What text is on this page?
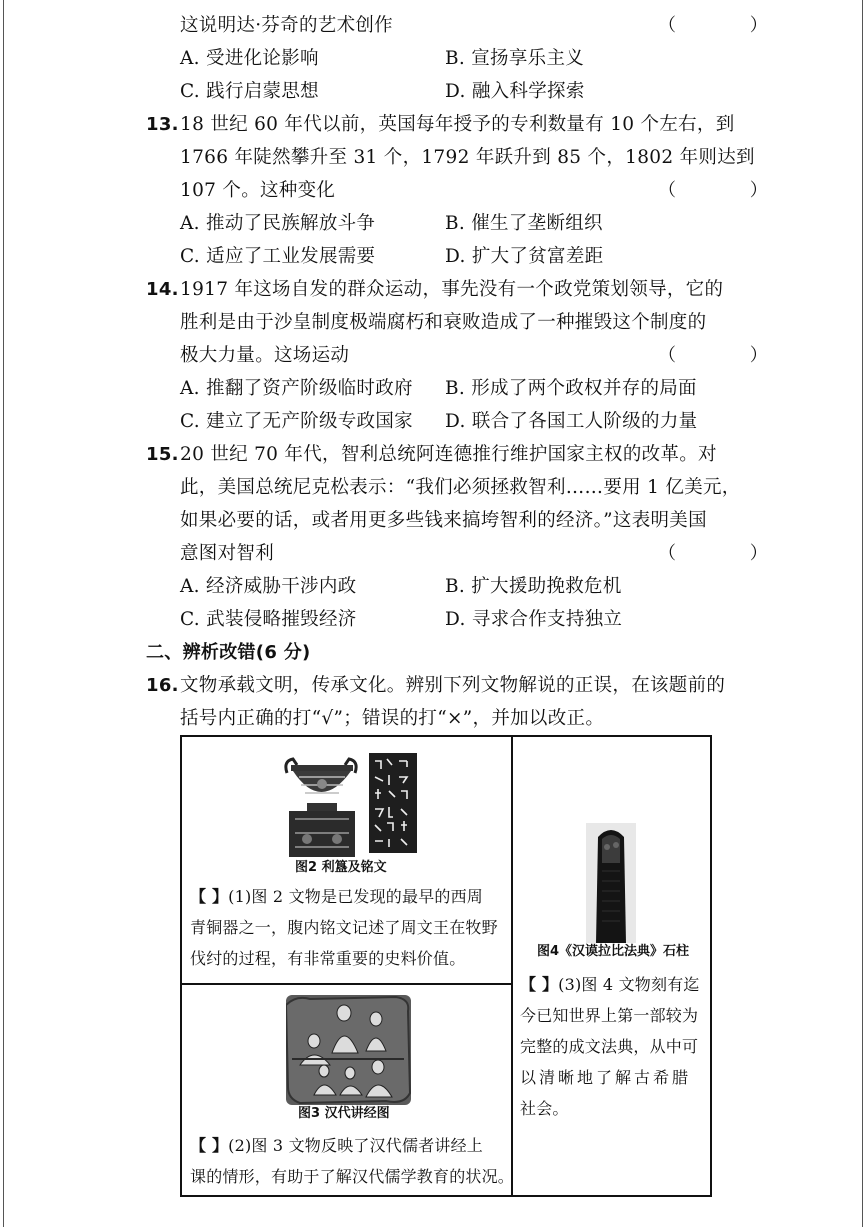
这说明达·芬奇的艺术创作	（ ）
A. 受进化论影响	B. 宣扬享乐主义
C. 践行启蒙思想	D. 融入科学探索
13. 18 世纪 60 年代以前，英国每年授予的专利数量有 10 个左右，到
1766 年陡然攀升至 31 个，1792 年跃升到 85 个，1802 年则达到
107 个。这种变化	（ ）
A. 推动了民族解放斗争	B. 催生了垄断组织
C. 适应了工业发展需要	D. 扩大了贫富差距
14. 1917 年这场自发的群众运动，事先没有一个政党策划领导，它的
胜利是由于沙皇制度极端腐朽和衰败造成了一种摧毁这个制度的
极大力量。这场运动	（ ）
A. 推翻了资产阶级临时政府 B. 形成了两个政权并存的局面
C. 建立了无产阶级专政国家 D. 联合了各国工人阶级的力量
15. 20 世纪 70 年代，智利总统阿连德推行维护国家主权的改革。对
此，美国总统尼克松表示：“我们必须拯救智利……要用 1 亿美元，
如果必要的话，或者用更多些钱来搞垮智利的经济。”这表明美国
意图对智利	（ ）
A. 经济威胁干涉内政	B. 扩大援助挽救危机
C. 武装侵略摧毁经济	D. 寻求合作支持独立
二、辨析改错(6 分)
16. 文物承载文明，传承文化。辨别下列文物解说的正误，在该题前的
括号内正确的打“√”；错误的打“×”，并加以改正。
图2 利簋及铭文
【 】(1)图 2 文物是已发现的最早的西周
青铜器之一，腹内铭文记述了周文王在牧野
伐纣的过程，有非常重要的史料价值。
图3 汉代讲经图
【 】(2)图 3 文物反映了汉代儒者讲经上
课的情形，有助于了解汉代儒学教育的状况。
图4《汉谟拉比法典》石柱
【 】(3)图 4 文物刻有迄
今已知世界上第一部较为
完整的成文法典，从中可
以清晰地了解古希腊
社会。
